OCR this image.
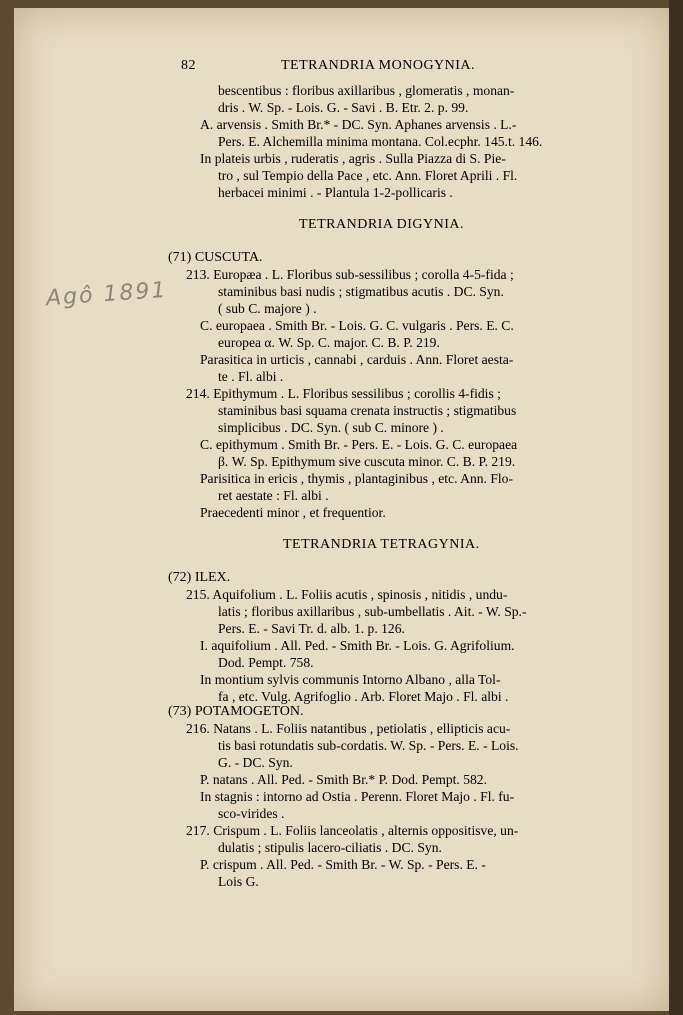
82	TETRANDRIA MONOGYNIA.
Agô 1891
bescentibus : floribus axillaribus , glomeratis , monan-
dris . W. Sp. - Lois. G. - Savi . B. Etr. 2. p. 99.
A. arvensis . Smith Br.* - DC. Syn. Aphanes arvensis . L.-
Pers. E. Alchemilla minima montana. Col.ecphr. 145.t. 146.
In plateis urbis , ruderatis , agris . Sulla Piazza di S. Pie-
tro , sul Tempio della Pace , etc. Ann. Floret Aprili . Fl.
herbacei minimi . - Plantula 1-2-pollicaris .
TETRANDRIA DIGYNIA.
(71) CUSCUTA.
213. Europæa . L. Floribus sub-sessilibus ; corolla 4-5-fida ;
staminibus basi nudis ; stigmatibus acutis . DC. Syn.
( sub C. majore ) .
C. europaea . Smith Br. - Lois. G. C. vulgaris . Pers. E. C.
europea α. W. Sp. C. major. C. B. P. 219.
Parasitica in urticis , cannabi , carduis . Ann. Floret aesta-
te . Fl. albi .
214. Epithymum . L. Floribus sessilibus ; corollis 4-fidis ;
staminibus basi squama crenata instructis ; stigmatibus
simplicibus . DC. Syn. ( sub C. minore ) .
C. epithymum . Smith Br. - Pers. E. - Lois. G. C. europaea
β. W. Sp. Epithymum sive cuscuta minor. C. B. P. 219.
Parisitica in ericis , thymis , plantaginibus , etc. Ann. Flo-
ret aestate : Fl. albi .
Praecedenti minor , et frequentior.
TETRANDRIA TETRAGYNIA.
(72) ILEX.
215. Aquifolium . L. Foliis acutis , spinosis , nitidis , undu-
latis ; floribus axillaribus , sub-umbellatis . Ait. - W. Sp.-
Pers. E. - Savi Tr. d. alb. 1. p. 126.
I. aquifolium . All. Ped. - Smith Br. - Lois. G. Agrifolium.
Dod. Pempt. 758.
In montium sylvis communis Intorno Albano , alla Tol-
fa , etc. Vulg. Agrifoglio . Arb. Floret Majo . Fl. albi .
(73) POTAMOGETON.
216. Natans . L. Foliis natantibus , petiolatis , ellipticis acu-
tis basi rotundatis sub-cordatis. W. Sp. - Pers. E. - Lois.
G. - DC. Syn.
P. natans . All. Ped. - Smith Br.* P. Dod. Pempt. 582.
In stagnis : intorno ad Ostia . Perenn. Floret Majo . Fl. fu-
sco-virides .
217. Crispum . L. Foliis lanceolatis , alternis oppositisve, un-
dulatis ; stipulis lacero-ciliatis . DC. Syn.
P. crispum . All. Ped. - Smith Br. - W. Sp. - Pers. E. -
Lois G.
